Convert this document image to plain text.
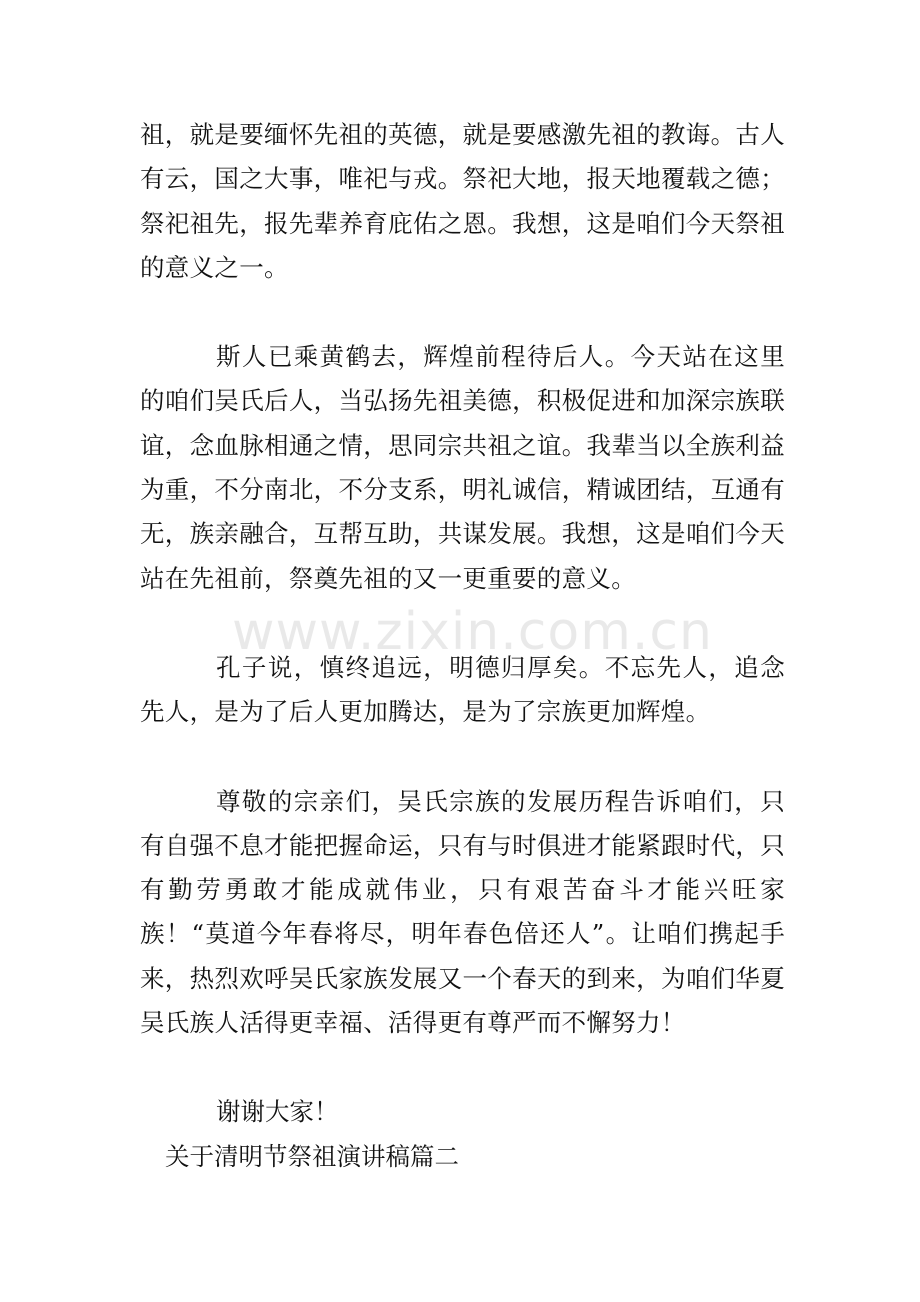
祖，就是要缅怀先祖的英德，就是要感激先祖的教诲。古人有云，国之大事，唯祀与戎。祭祀大地，报天地覆载之德；祭祀祖先，报先辈养育庇佑之恩。我想，这是咱们今天祭祖的意义之一。

斯人已乘黄鹤去，辉煌前程待后人。今天站在这里的咱们吴氏后人，当弘扬先祖美德，积极促进和加深宗族联谊，念血脉相通之情，思同宗共祖之谊。我辈当以全族利益为重，不分南北，不分支系，明礼诚信，精诚团结，互通有无，族亲融合，互帮互助，共谋发展。我想，这是咱们今天站在先祖前，祭奠先祖的又一更重要的意义。

孔子说，慎终追远，明德归厚矣。不忘先人，追念先人，是为了后人更加腾达，是为了宗族更加辉煌。

尊敬的宗亲们，吴氏宗族的发展历程告诉咱们，只有自强不息才能把握命运，只有与时俱进才能紧跟时代，只有勤劳勇敢才能成就伟业，只有艰苦奋斗才能兴旺家族！“莫道今年春将尽，明年春色倍还人”。让咱们携起手来，热烈欢呼吴氏家族发展又一个春天的到来，为咱们华夏吴氏族人活得更幸福、活得更有尊严而不懈努力！

谢谢大家！

关于清明节祭祖演讲稿篇二
www.zixin.com.cn
